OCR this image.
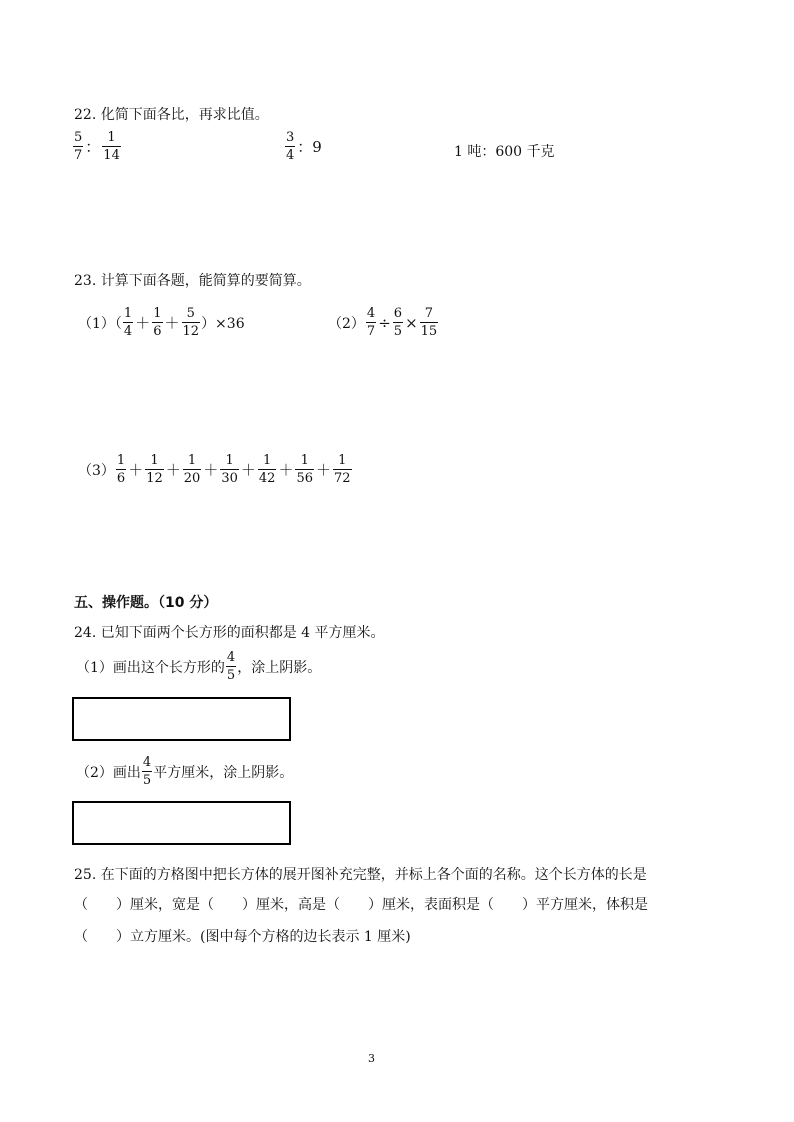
22. 化简下面各比，再求比值。
$\frac{5}{7}$ ： $\frac{1}{14}$	$\frac{3}{4}$ ：9	1 吨：600 千克
23. 计算下面各题，能简算的要简算。
$(1)( \frac{1}{4} + \frac{1}{6} + \frac{5}{12} )\times 36$	$(2) \frac{4}{7} \div \frac{6}{5} \times \frac{7}{15}$
$(3) \frac{1}{6} + \frac{1}{12} + \frac{1}{20} + \frac{1}{30} + \frac{1}{42} + \frac{1}{56} + \frac{1}{72}$
五、操作题。（10 分）
24. 已知下面两个长方形的面积都是 4 平方厘米。
（1）画出这个长方形的 $\frac{4}{5}$ ，涂上阴影。
（2）画出 $\frac{4}{5}$ 平方厘米，涂上阴影。
25. 在下面的方格图中把长方体的展开图补充完整，并标上各个面的名称。这个长方体的长是
（　　）厘米，宽是（　　）厘米，高是（　　）厘米，表面积是（　　）平方厘米，体积是
（　　）立方厘米。(图中每个方格的边长表示 1 厘米)
3
